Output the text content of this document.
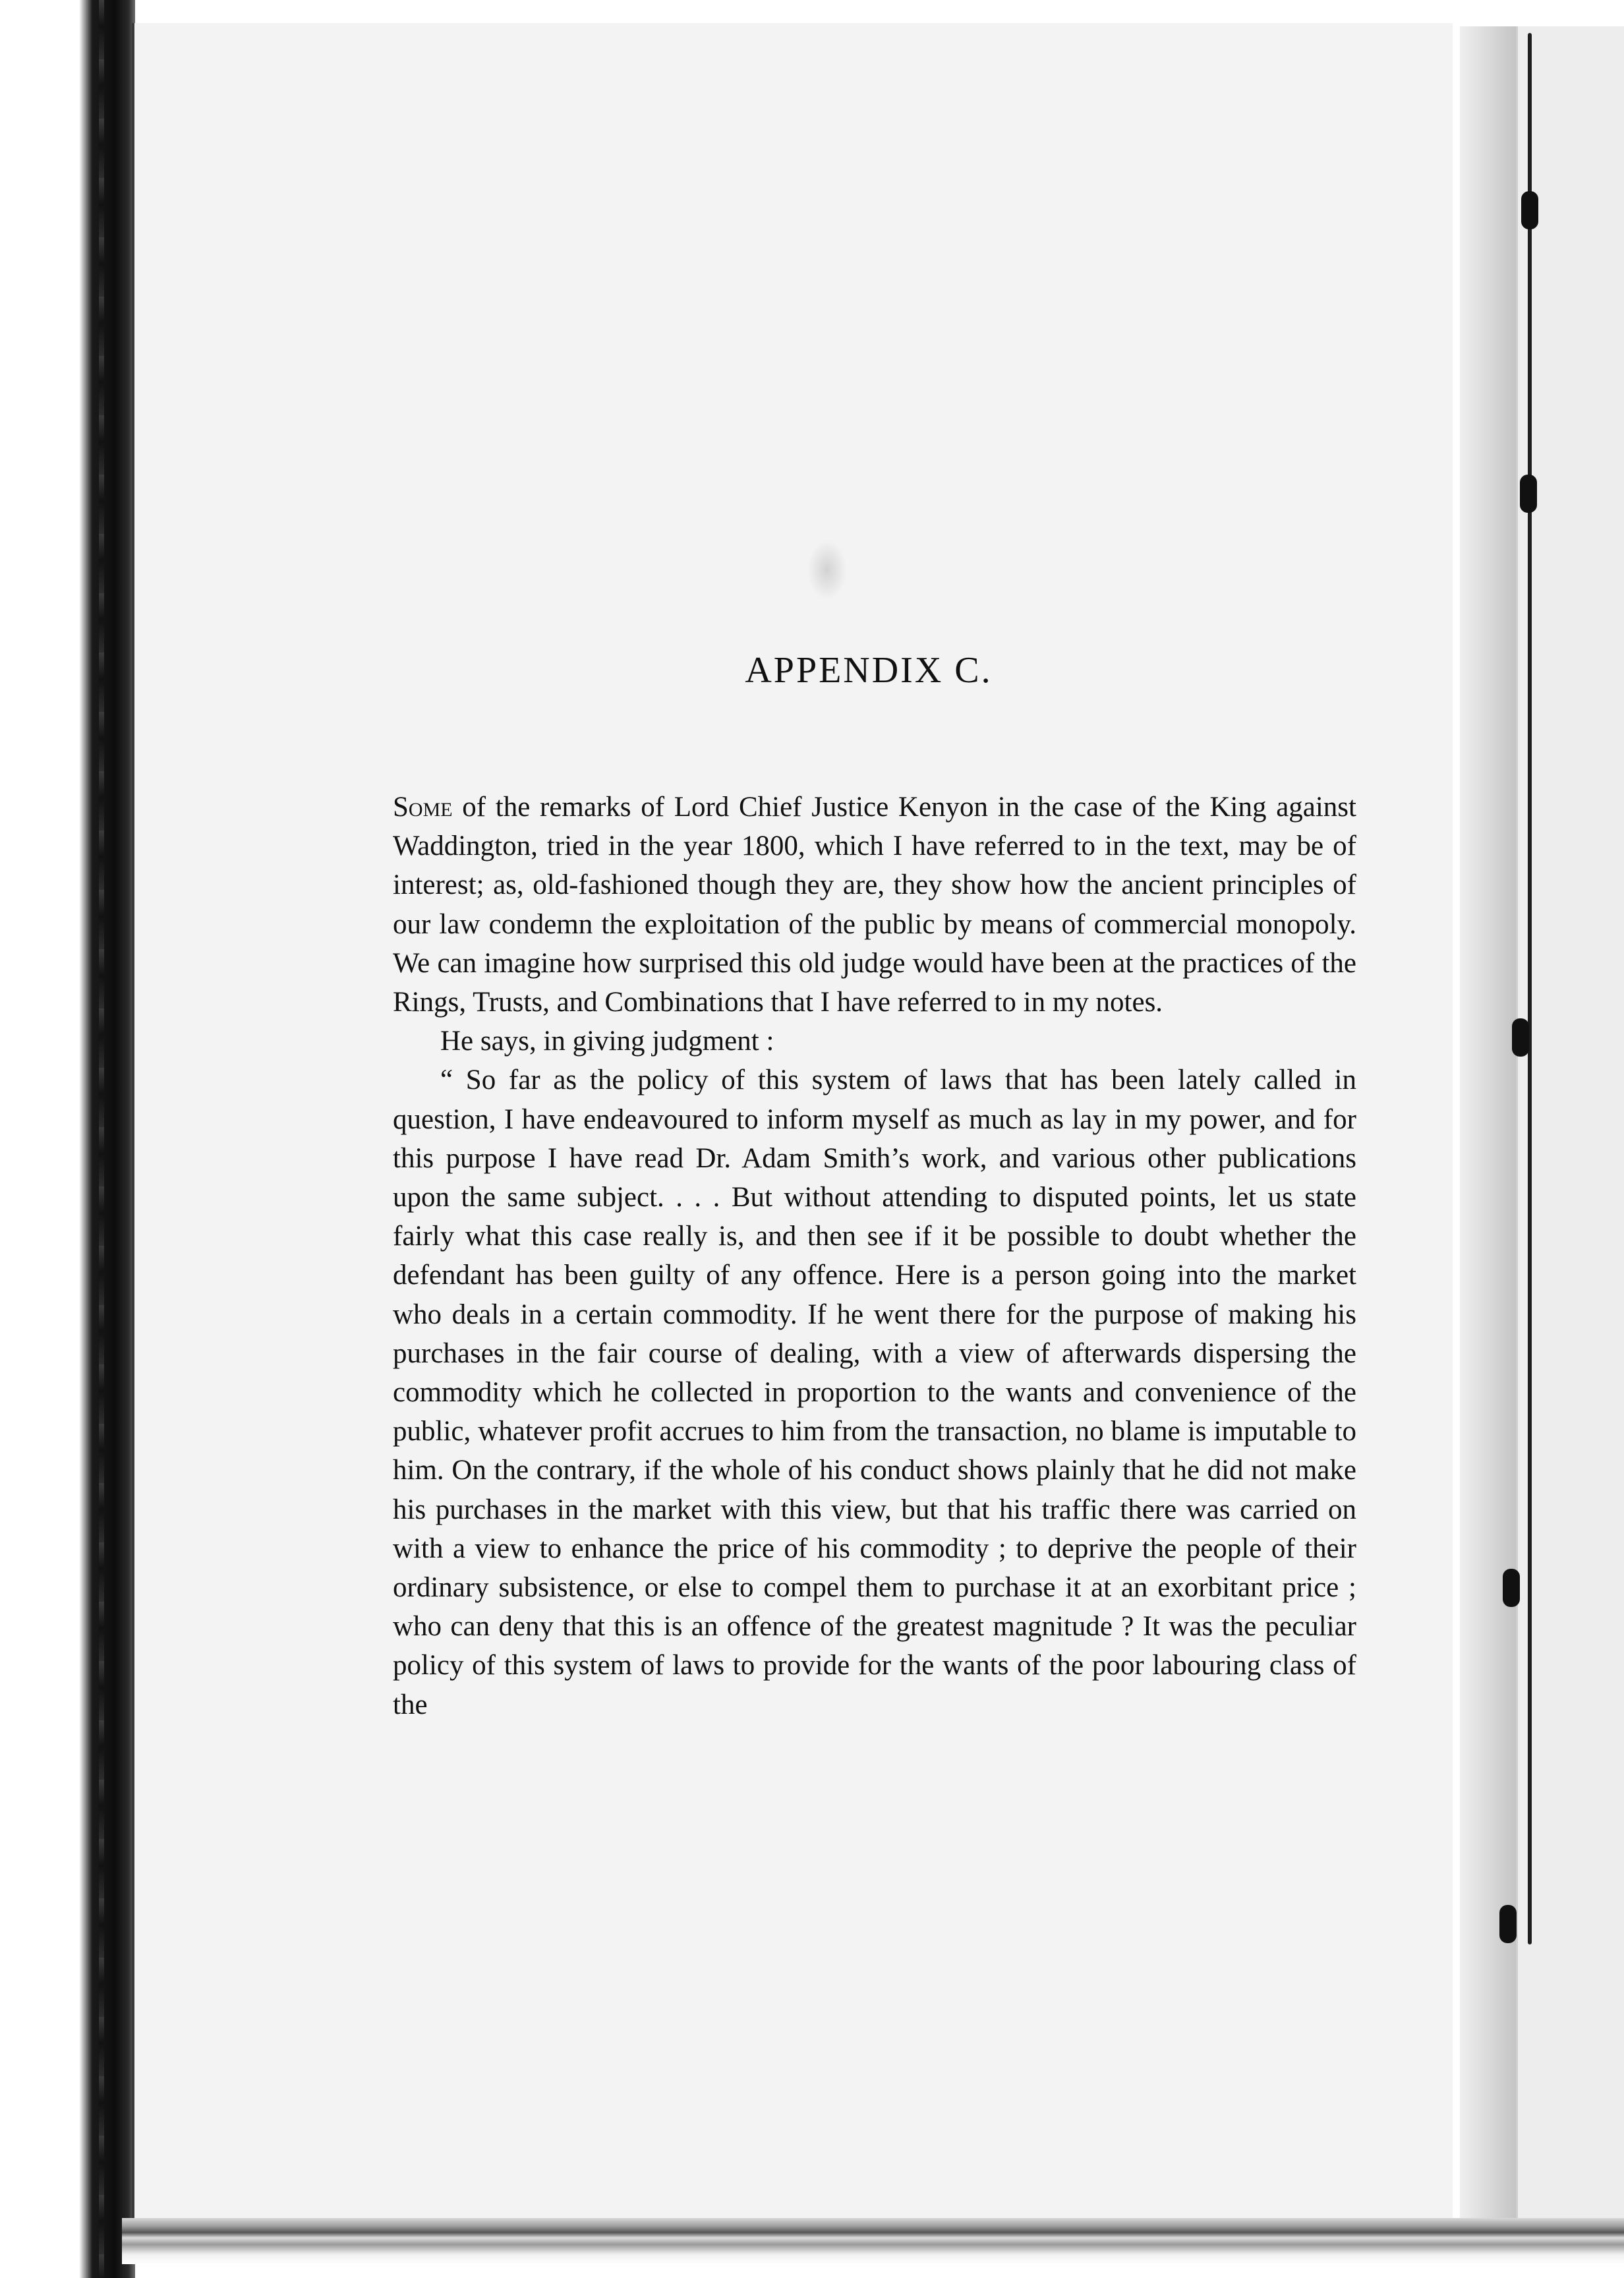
APPENDIX C.

Some of the remarks of Lord Chief Justice Kenyon in the case of the King against Waddington, tried in the year 1800, which I have referred to in the text, may be of interest; as, old-fashioned though they are, they show how the ancient principles of our law condemn the exploitation of the public by means of commercial monopoly. We can imagine how surprised this old judge would have been at the practices of the Rings, Trusts, and Combinations that I have referred to in my notes.

He says, in giving judgment :

“ So far as the policy of this system of laws that has been lately called in question, I have endeavoured to inform myself as much as lay in my power, and for this purpose I have read Dr. Adam Smith’s work, and various other publications upon the same subject. . . . But without attending to disputed points, let us state fairly what this case really is, and then see if it be possible to doubt whether the defendant has been guilty of any offence. Here is a person going into the market who deals in a certain commodity. If he went there for the purpose of making his purchases in the fair course of dealing, with a view of afterwards dispersing the commodity which he collected in proportion to the wants and convenience of the public, whatever profit accrues to him from the transaction, no blame is imputable to him. On the contrary, if the whole of his conduct shows plainly that he did not make his purchases in the market with this view, but that his traffic there was carried on with a view to enhance the price of his commodity ; to deprive the people of their ordinary subsistence, or else to compel them to purchase it at an exorbitant price ; who can deny that this is an offence of the greatest magnitude ? It was the peculiar policy of this system of laws to provide for the wants of the poor labouring class of the
